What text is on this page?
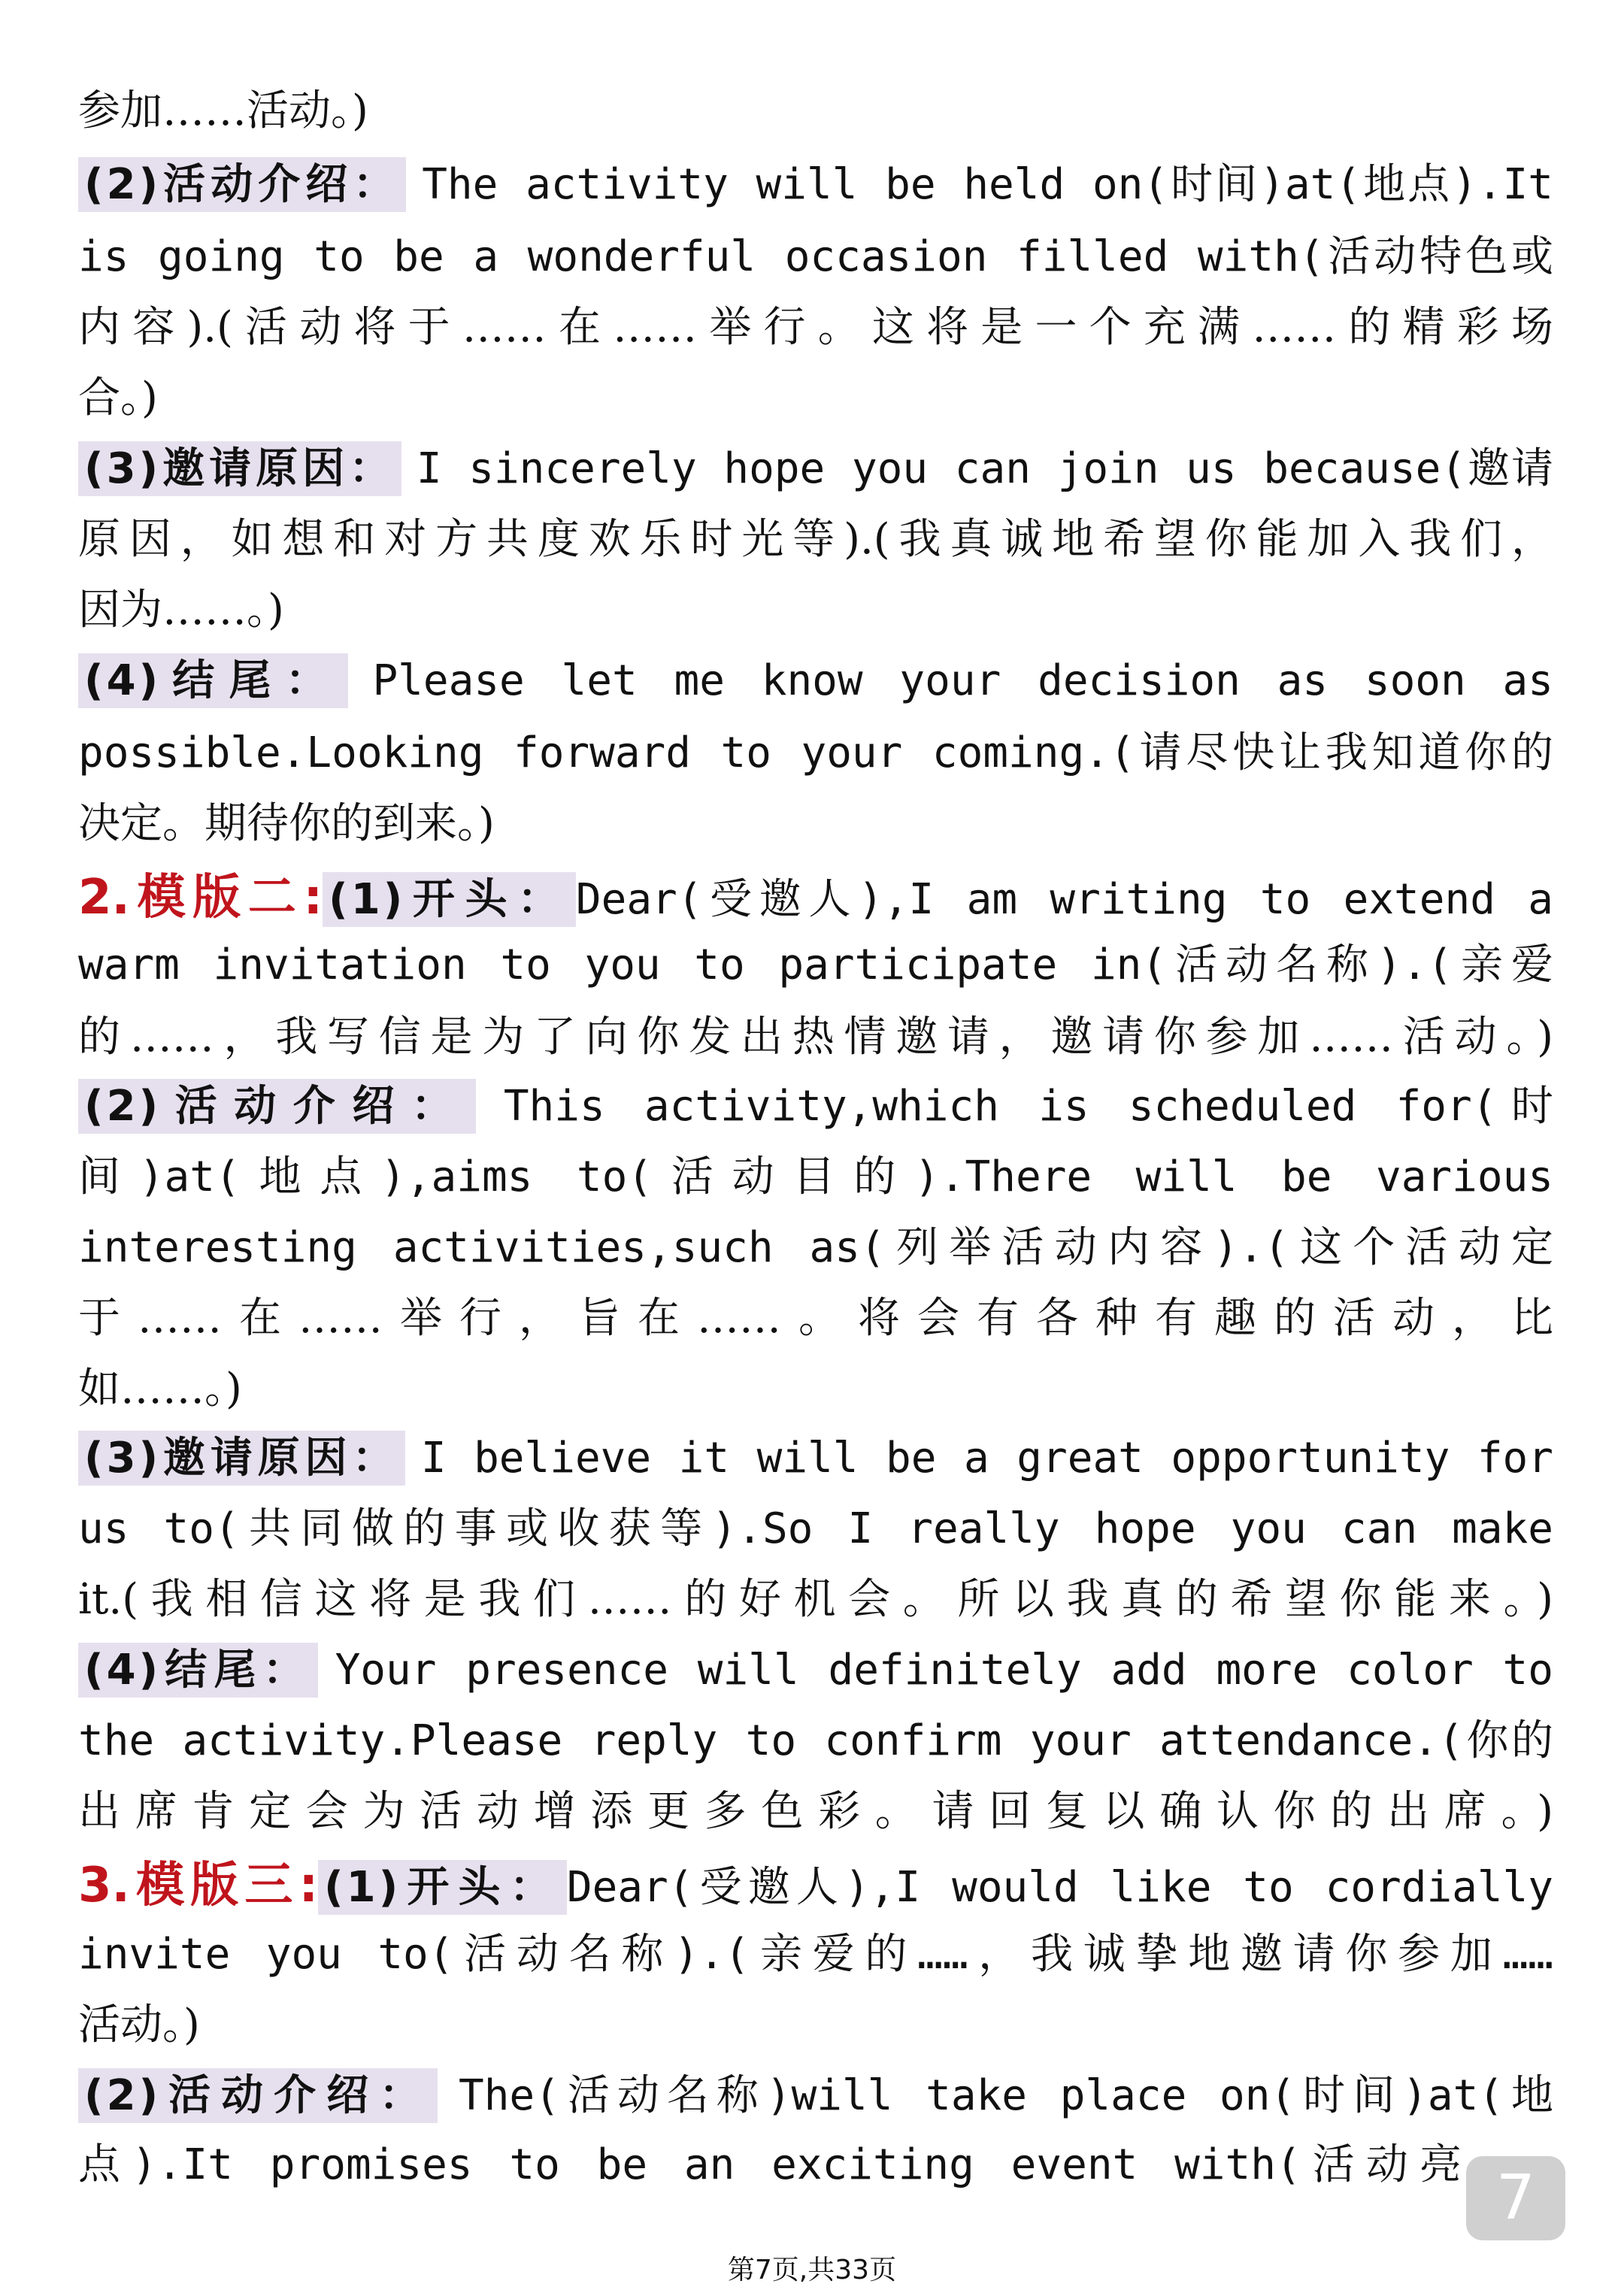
参加……活动。)
(2)活动介绍： The activity will be held on(时间)at(地点).It
is going to be a wonderful occasion filled with(活动特色或
内容).(活动将于……在……举行。这将是一个充满……的精彩场
合。)
(3)邀请原因： I sincerely hope you can join us because(邀请
原因，如想和对方共度欢乐时光等).(我真诚地希望你能加入我们，
因为……。)
(4)结尾： Please let me know your decision as soon as
possible.Looking forward to your coming.(请尽快让我知道你的
决定。期待你的到来。)
2.模版二: (1)开头： Dear(受邀人),I am writing to extend a
warm invitation to you to participate in(活动名称).(亲爱
的……，我写信是为了向你发出热情邀请，邀请你参加……活动。)
(2)活动介绍： This activity,which is scheduled for(时
间)at(地点),aims to(活动目的).There will be various
interesting activities,such as(列举活动内容).(这个活动定
于……在……举行，旨在……。将会有各种有趣的活动，比
如……。)
(3)邀请原因： I believe it will be a great opportunity for
us to(共同做的事或收获等).So I really hope you can make
it.(我相信这将是我们……的好机会。所以我真的希望你能来。)
(4)结尾： Your presence will definitely add more color to
the activity.Please reply to confirm your attendance.(你的
出席肯定会为活动增添更多色彩。请回复以确认你的出席。)
3.模版三: (1)开头： Dear(受邀人),I would like to cordially
invite you to(活动名称).(亲爱的……，我诚挚地邀请你参加……
活动。)
(2)活动介绍： The(活动名称)will take place on(时间)at(地
点).It promises to be an exciting event with(活动亮 7
第7页,共33页
